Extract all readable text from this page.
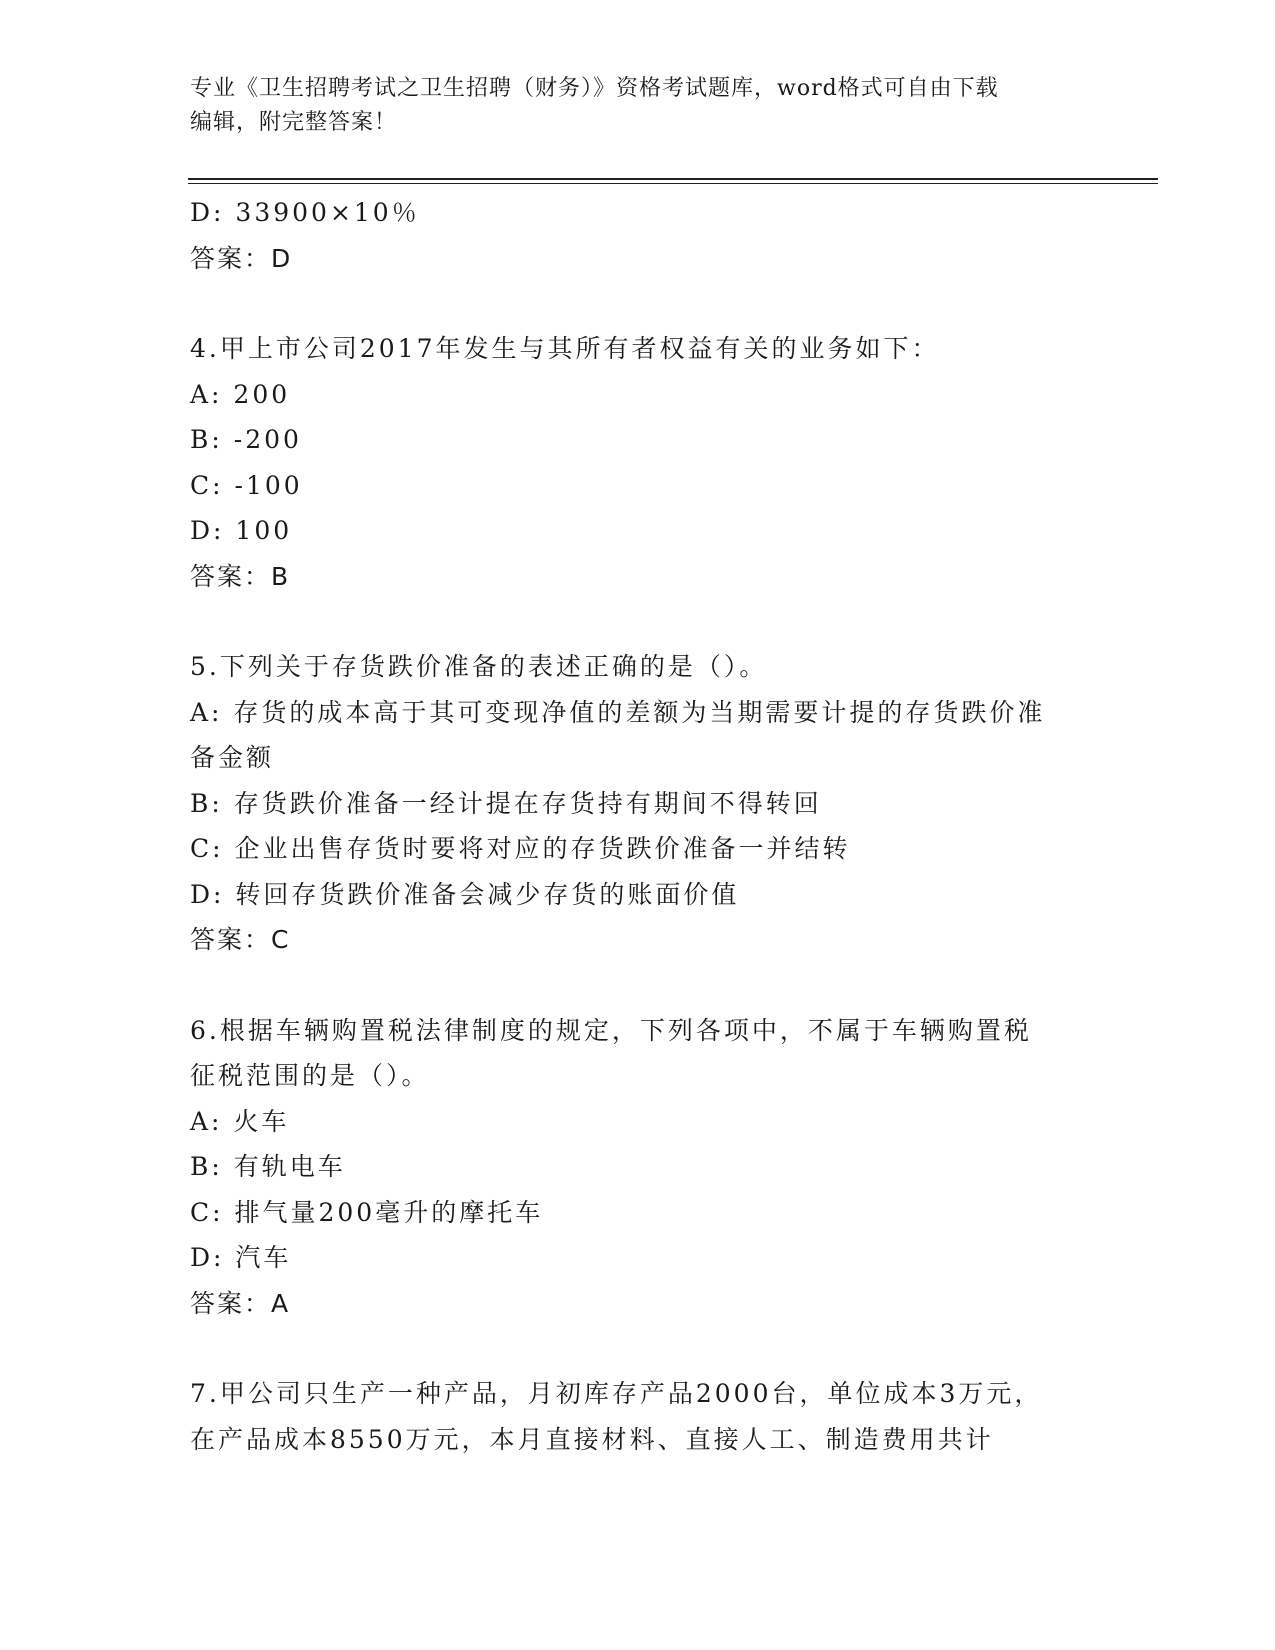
专业《卫生招聘考试之卫生招聘（财务）》资格考试题库，word格式可自由下载
编辑，附完整答案！
D: 33900×10％
答案：D
4.甲上市公司2017年发生与其所有者权益有关的业务如下：
A: 200
B: -200
C: -100
D: 100
答案：B
5.下列关于存货跌价准备的表述正确的是（）。
A: 存货的成本高于其可变现净值的差额为当期需要计提的存货跌价准
备金额
B: 存货跌价准备一经计提在存货持有期间不得转回
C: 企业出售存货时要将对应的存货跌价准备一并结转
D: 转回存货跌价准备会减少存货的账面价值
答案：C
6.根据车辆购置税法律制度的规定，下列各项中，不属于车辆购置税
征税范围的是（）。
A: 火车
B: 有轨电车
C: 排气量200毫升的摩托车
D: 汽车
答案：A
7.甲公司只生产一种产品，月初库存产品2000台，单位成本3万元，
在产品成本8550万元，本月直接材料、直接人工、制造费用共计
